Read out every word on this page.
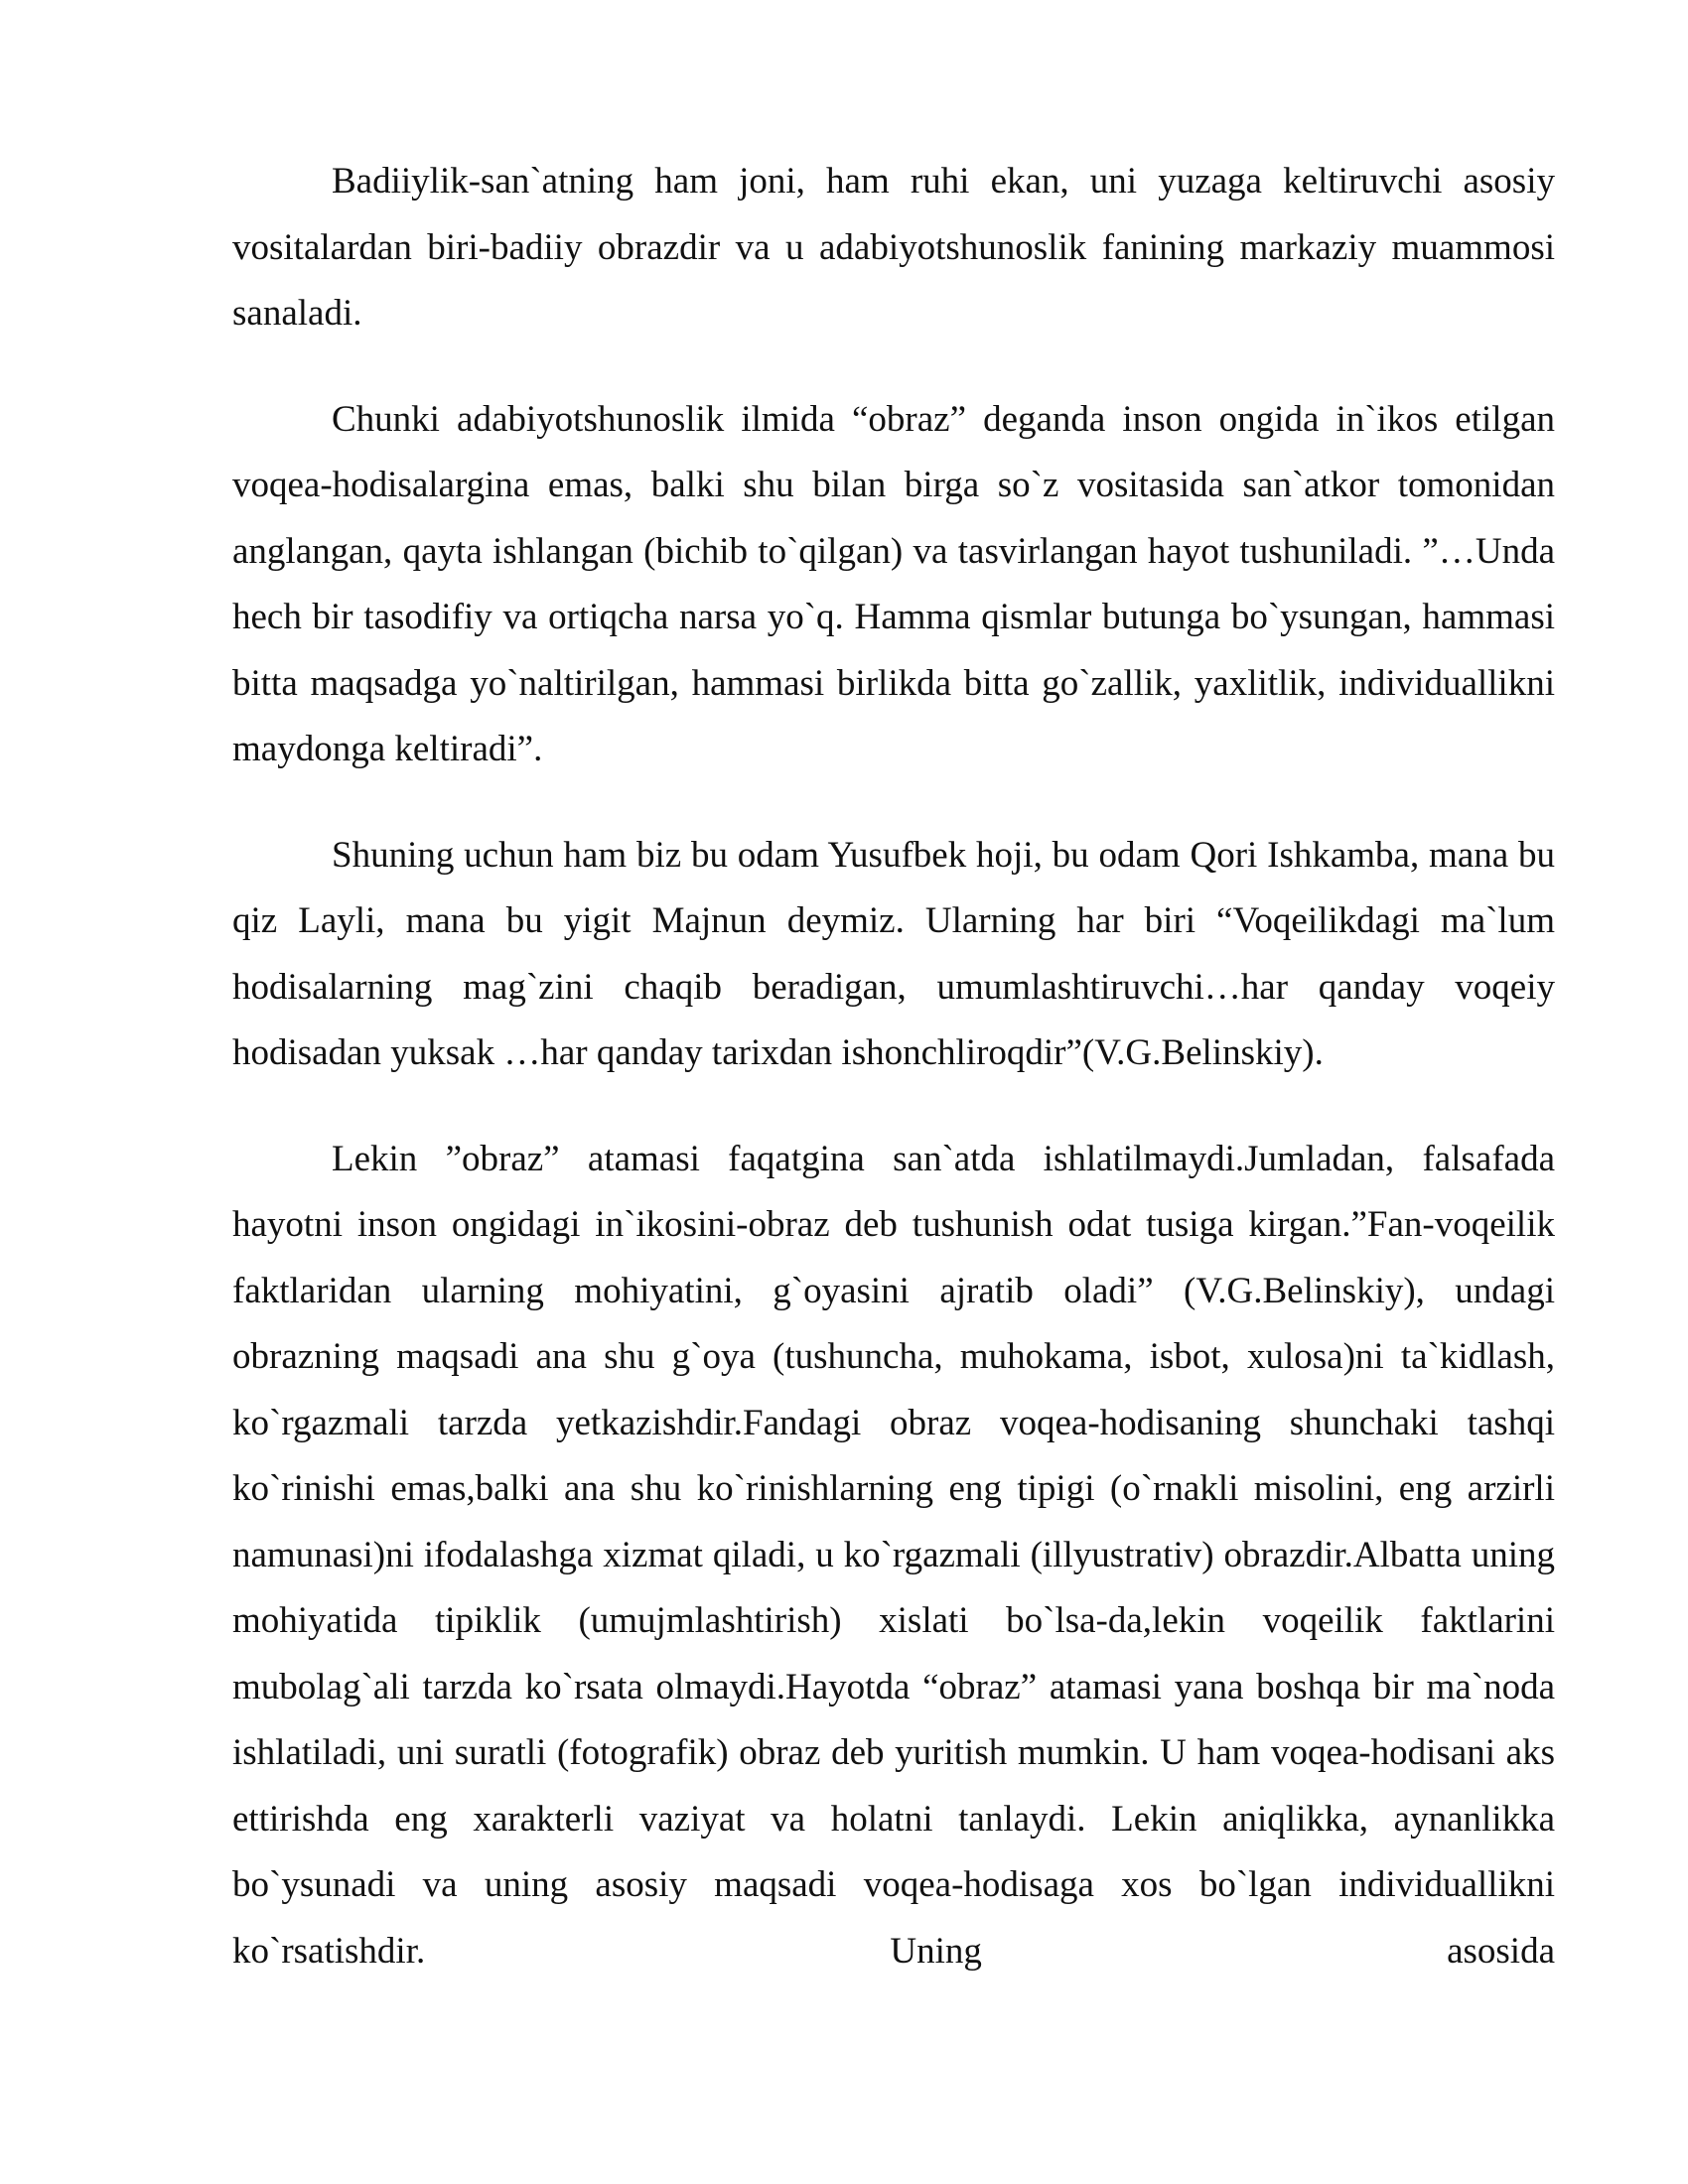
Badiiylik-san`atning ham joni, ham ruhi ekan, uni yuzaga keltiruvchi asosiy vositalardan biri-badiiy obrazdir va u adabiyotshunoslik fanining markaziy muammosi sanaladi.

Chunki adabiyotshunoslik ilmida “obraz” deganda inson ongida in`ikos etilgan voqea-hodisalargina emas, balki shu bilan birga so`z vositasida san`atkor tomonidan anglangan, qayta ishlangan (bichib to`qilgan) va tasvirlangan hayot tushuniladi. ”…Unda hech bir tasodifiy va ortiqcha narsa yo`q. Hamma qismlar butunga bo`ysungan, hammasi bitta maqsadga yo`naltirilgan, hammasi birlikda bitta go`zallik, yaxlitlik, individuallikni maydonga keltiradi”.

Shuning uchun ham biz bu odam Yusufbek hoji, bu odam Qori Ishkamba, mana bu qiz Layli, mana bu yigit Majnun deymiz. Ularning har biri “Voqeilikdagi ma`lum hodisalarning mag`zini chaqib beradigan, umumlashtiruvchi…har qanday voqeiy hodisadan yuksak …har qanday tarixdan ishonchliroqdir”(V.G.Belinskiy).

Lekin ”obraz” atamasi faqatgina san`atda ishlatilmaydi.Jumladan, falsafada hayotni inson ongidagi in`ikosini-obraz deb tushunish odat tusiga kirgan.”Fan-voqeilik faktlaridan ularning mohiyatini, g`oyasini ajratib oladi” (V.G.Belinskiy), undagi obrazning maqsadi ana shu g`oya (tushuncha, muhokama, isbot, xulosa)ni ta`kidlash, ko`rgazmali tarzda yetkazishdir.Fandagi obraz voqea-hodisaning shunchaki tashqi ko`rinishi emas,balki ana shu ko`rinishlarning eng tipigi (o`rnakli misolini, eng arzirli namunasi)ni ifodalashga xizmat qiladi, u ko`rgazmali (illyustrativ) obrazdir.Albatta uning mohiyatida tipiklik (umujmlashtirish) xislati bo`lsa-da,lekin voqeilik faktlarini mubolag`ali tarzda ko`rsata olmaydi.Hayotda “obraz” atamasi yana boshqa bir ma`noda ishlatiladi, uni suratli (fotografik) obraz deb yuritish mumkin. U ham voqea-hodisani aks ettirishda eng xarakterli vaziyat va holatni tanlaydi. Lekin aniqlikka, aynanlikka bo`ysunadi va uning asosiy maqsadi voqea-hodisaga xos bo`lgan individuallikni ko`rsatishdir. Uning asosida
